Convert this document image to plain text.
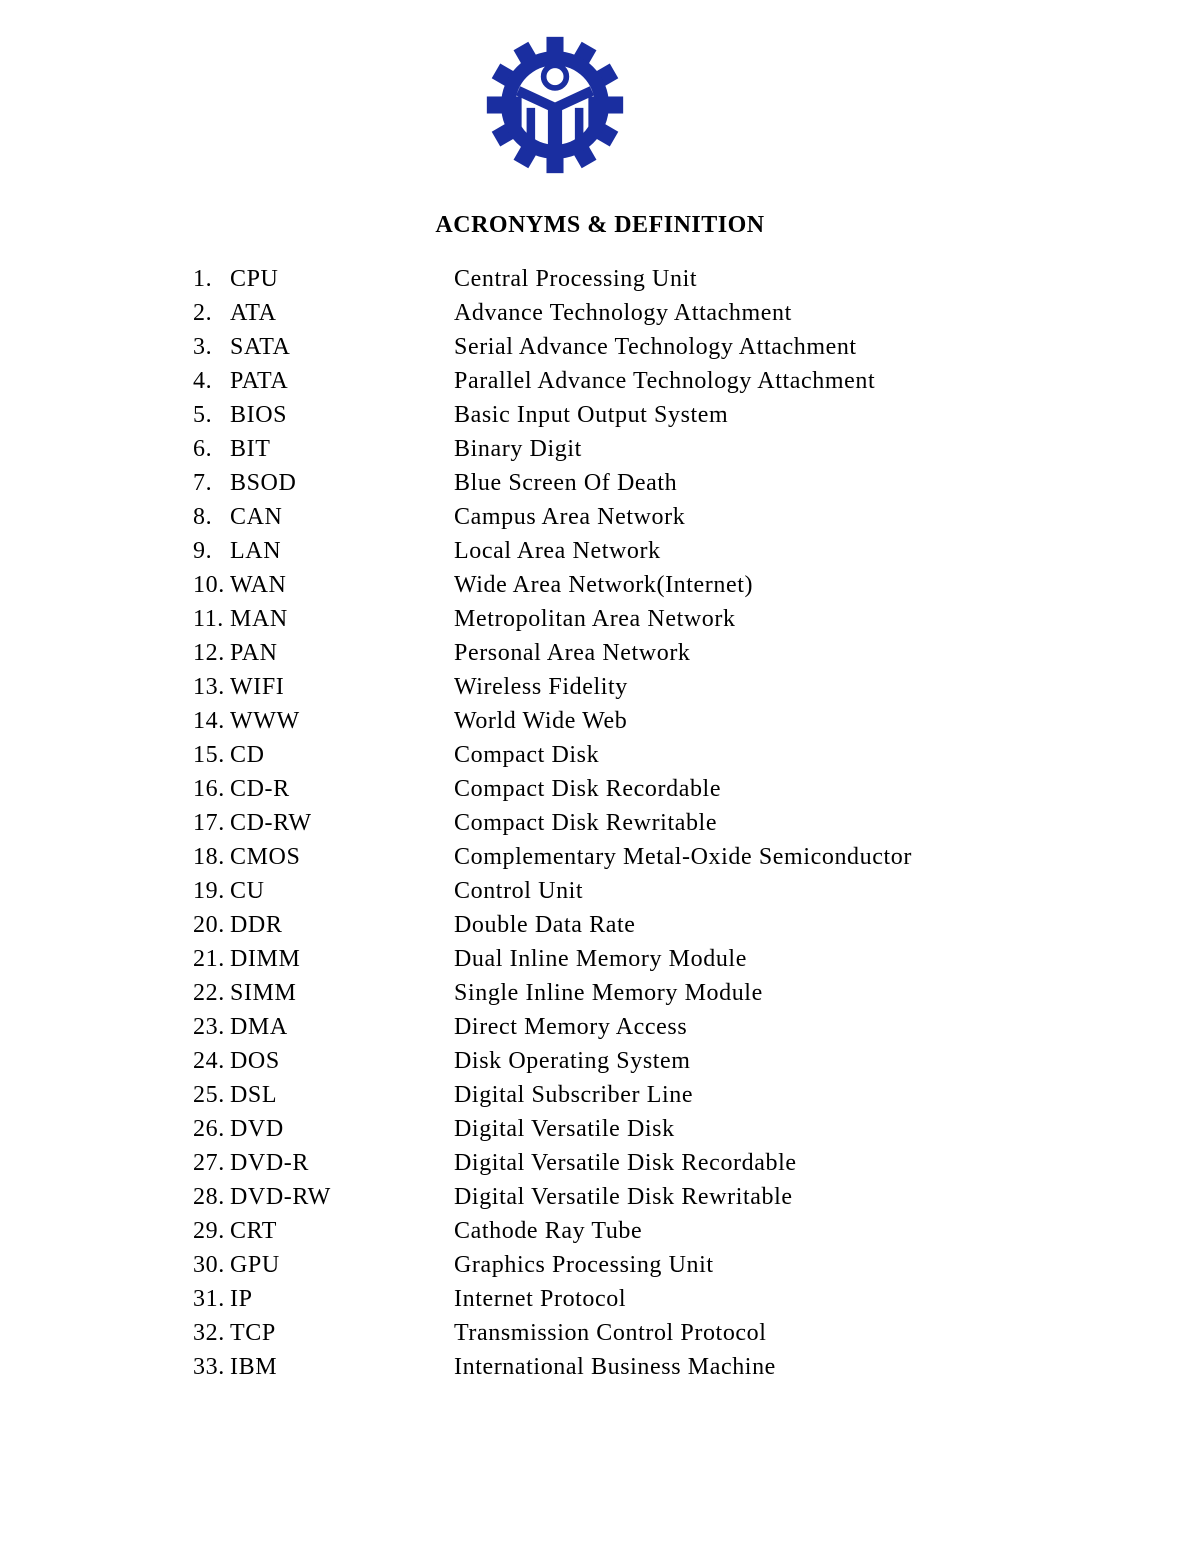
ACRONYMS & DEFINITION
1. CPU	Central Processing Unit
2. ATA	Advance Technology Attachment
3. SATA	Serial Advance Technology Attachment
4. PATA	Parallel Advance Technology Attachment
5. BIOS	Basic Input Output System
6. BIT	Binary Digit
7. BSOD	Blue Screen Of Death
8. CAN	Campus Area Network
9. LAN	Local Area Network
10. WAN	Wide Area Network(Internet)
11. MAN	Metropolitan Area Network
12. PAN	Personal Area Network
13. WIFI	Wireless Fidelity
14. WWW	World Wide Web
15. CD	Compact Disk
16. CD-R	Compact Disk Recordable
17. CD-RW	Compact Disk Rewritable
18. CMOS	Complementary Metal-Oxide Semiconductor
19. CU	Control Unit
20. DDR	Double Data Rate
21. DIMM	Dual Inline Memory Module
22. SIMM	Single Inline Memory Module
23. DMA	Direct Memory Access
24. DOS	Disk Operating System
25. DSL	Digital Subscriber Line
26. DVD	Digital Versatile Disk
27. DVD-R	Digital Versatile Disk Recordable
28. DVD-RW	Digital Versatile Disk Rewritable
29. CRT	Cathode Ray Tube
30. GPU	Graphics Processing Unit
31. IP	Internet Protocol
32. TCP	Transmission Control Protocol
33. IBM	International Business Machine
